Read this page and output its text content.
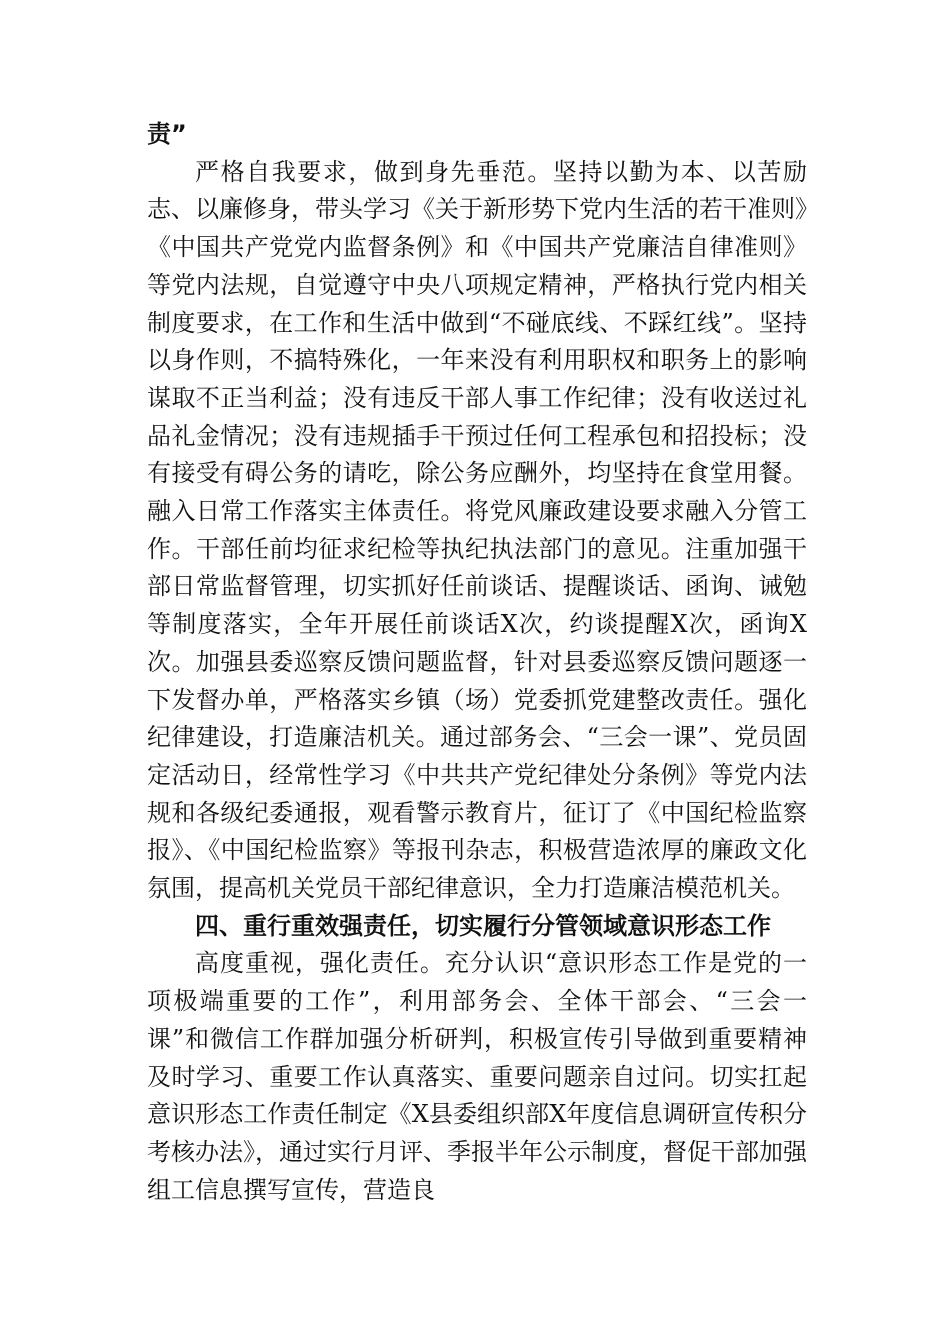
责”

严格自我要求，做到身先垂范。坚持以勤为本、以苦励志、以廉修身，带头学习《关于新形势下党内生活的若干准则》《中国共产党党内监督条例》和《中国共产党廉洁自律准则》等党内法规，自觉遵守中央八项规定精神，严格执行党内相关制度要求，在工作和生活中做到“不碰底线、不踩红线”。坚持以身作则，不搞特殊化，一年来没有利用职权和职务上的影响谋取不正当利益；没有违反干部人事工作纪律；没有收送过礼品礼金情况；没有违规插手干预过任何工程承包和招投标；没有接受有碍公务的请吃，除公务应酬外，均坚持在食堂用餐。融入日常工作落实主体责任。将党风廉政建设要求融入分管工作。干部任前均征求纪检等执纪执法部门的意见。注重加强干部日常监督管理，切实抓好任前谈话、提醒谈话、函询、诫勉等制度落实，全年开展任前谈话X次，约谈提醒X次，函询X次。加强县委巡察反馈问题监督，针对县委巡察反馈问题逐一下发督办单，严格落实乡镇（场）党委抓党建整改责任。强化纪律建设，打造廉洁机关。通过部务会、“三会一课”、党员固定活动日，经常性学习《中共共产党纪律处分条例》等党内法规和各级纪委通报，观看警示教育片，征订了《中国纪检监察报》、《中国纪检监察》等报刊杂志，积极营造浓厚的廉政文化氛围，提高机关党员干部纪律意识，全力打造廉洁模范机关。

四、重行重效强责任，切实履行分管领域意识形态工作

高度重视，强化责任。充分认识“意识形态工作是党的一项极端重要的工作”，利用部务会、全体干部会、“三会一课”和微信工作群加强分析研判，积极宣传引导做到重要精神及时学习、重要工作认真落实、重要问题亲自过问。切实扛起意识形态工作责任制定《X县委组织部X年度信息调研宣传积分考核办法》，通过实行月评、季报半年公示制度，督促干部加强组工信息撰写宣传，营造良
